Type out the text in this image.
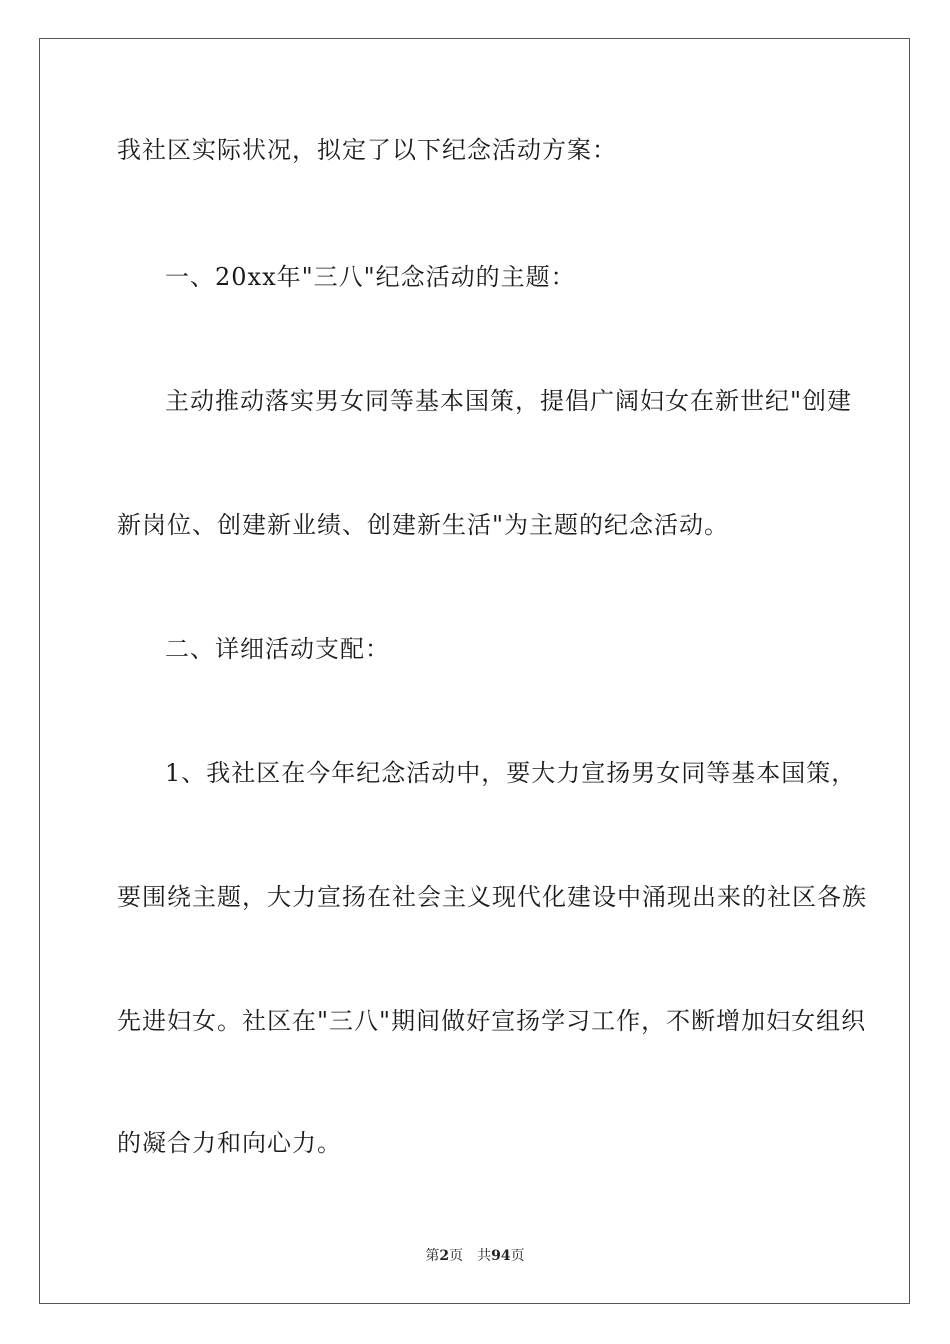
我社区实际状况，拟定了以下纪念活动方案：
一、20xx年"三八"纪念活动的主题：
主动推动落实男女同等基本国策，提倡广阔妇女在新世纪"创建
新岗位、创建新业绩、创建新生活"为主题的纪念活动。
二、详细活动支配：
1、我社区在今年纪念活动中，要大力宣扬男女同等基本国策，
要围绕主题，大力宣扬在社会主义现代化建设中涌现出来的社区各族
先进妇女。社区在"三八"期间做好宣扬学习工作，不断增加妇女组织
的凝合力和向心力。
第2页 共94页
